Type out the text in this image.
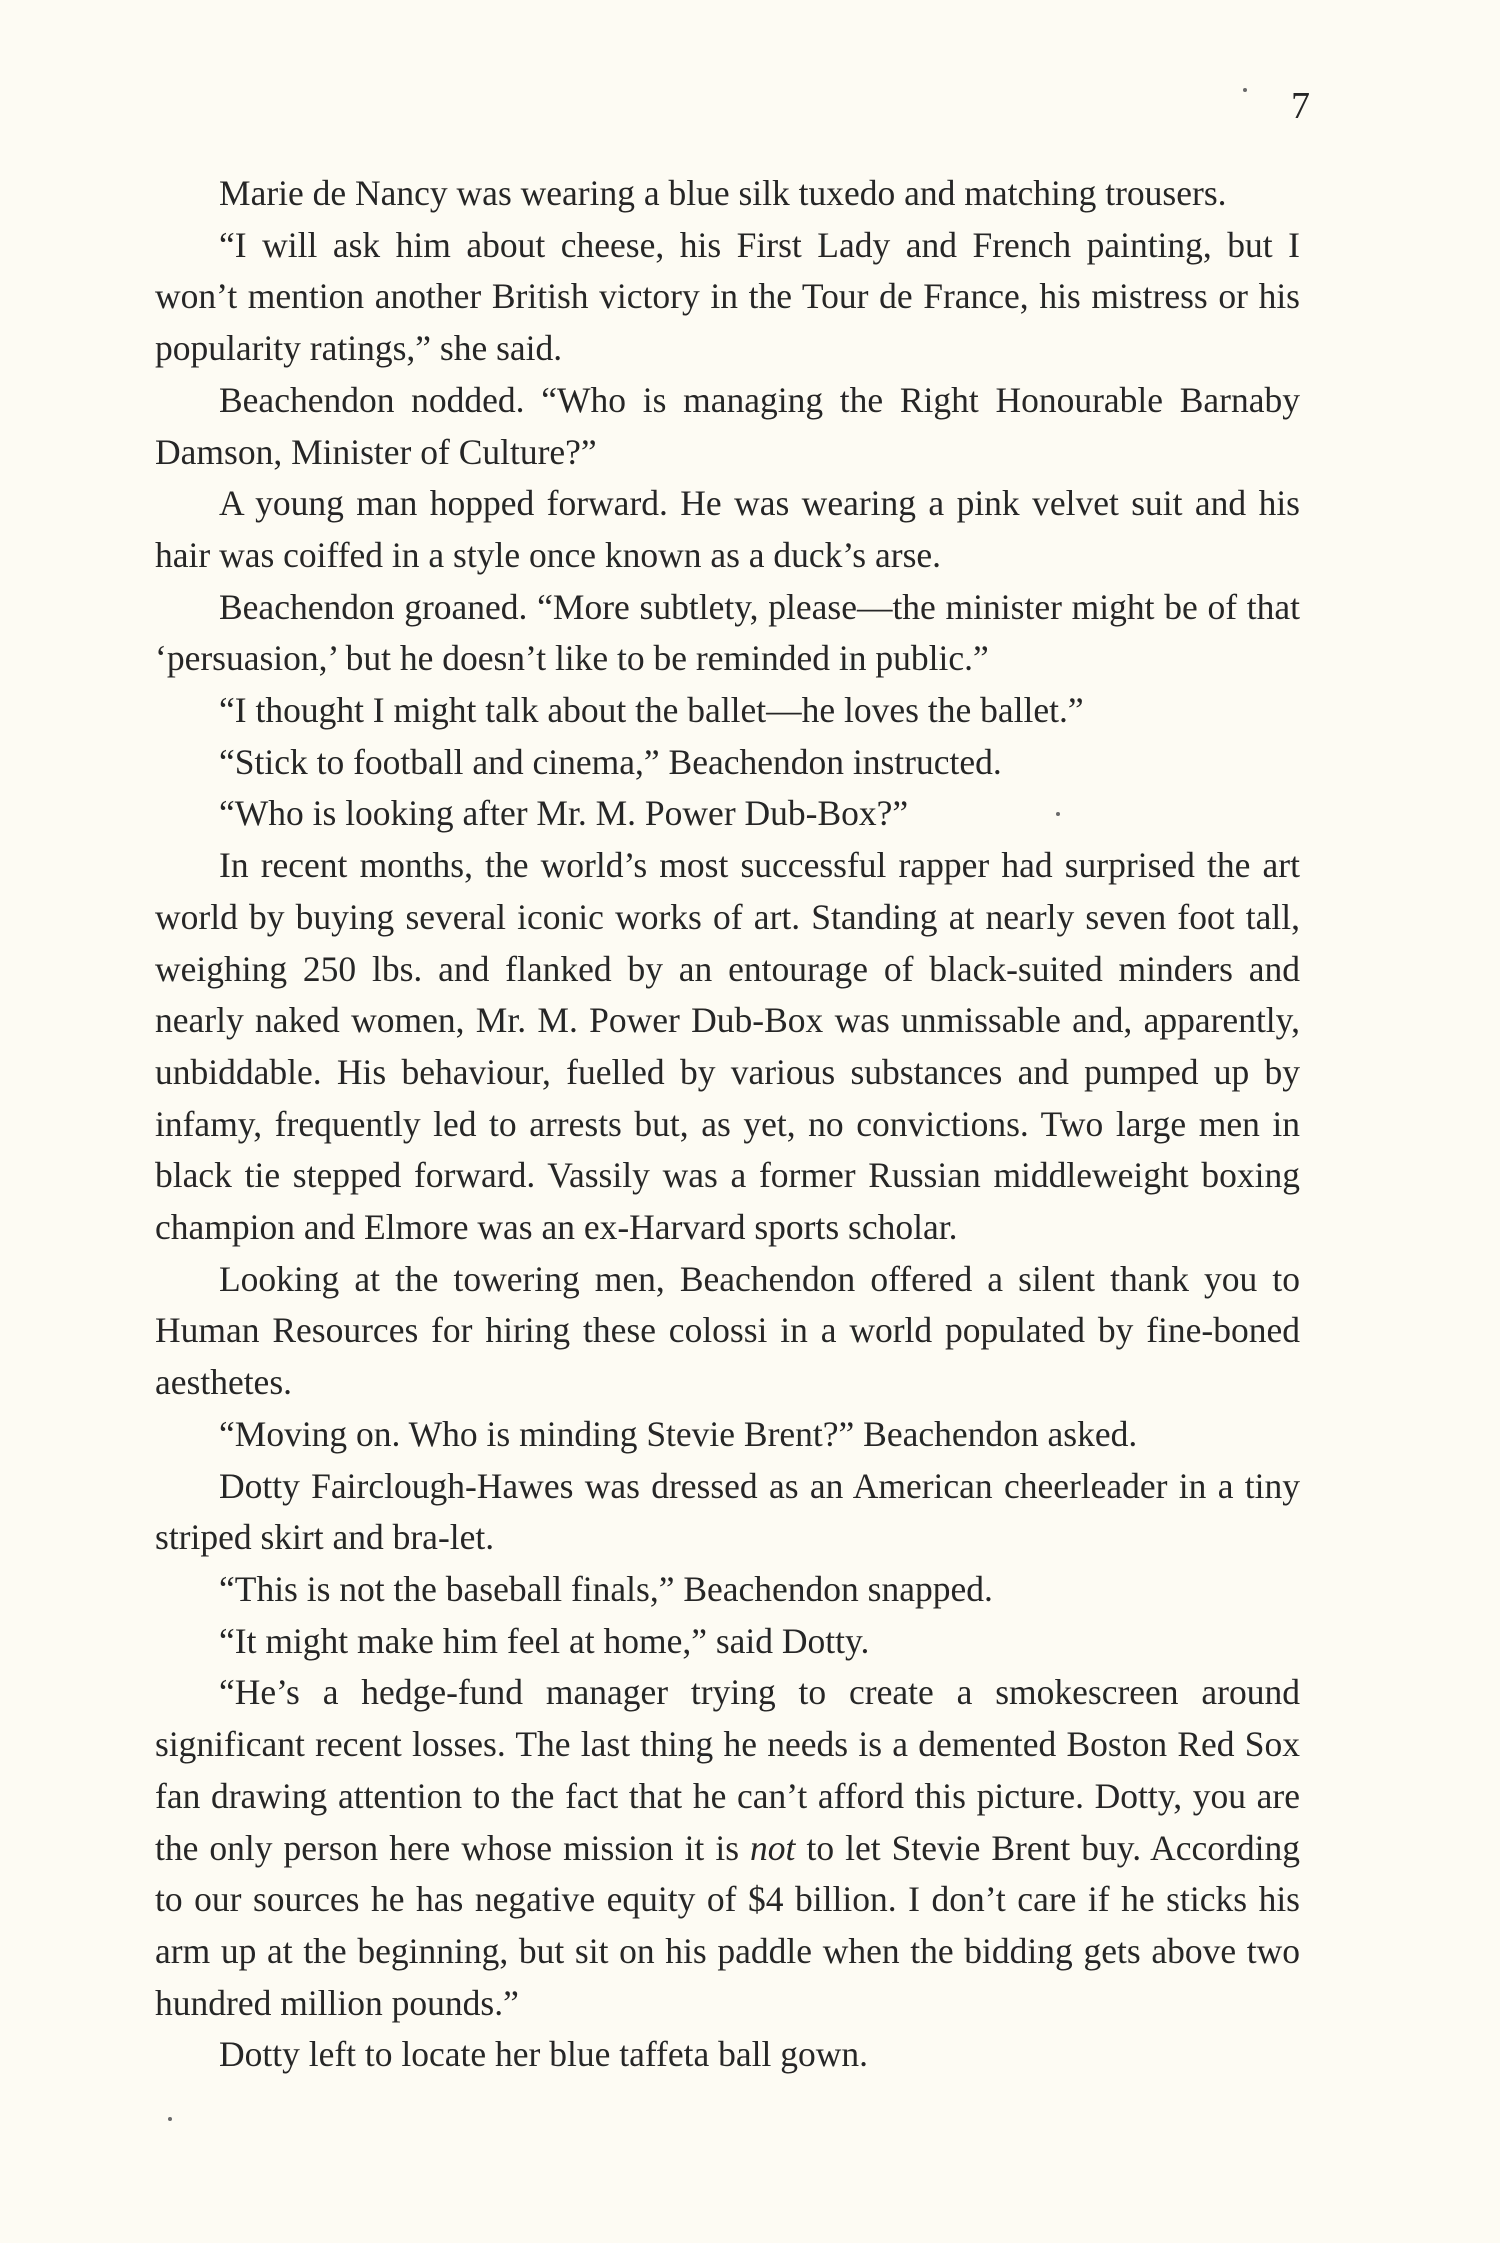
7

Marie de Nancy was wearing a blue silk tuxedo and matching trousers.

“I will ask him about cheese, his First Lady and French painting, but I won’t mention another British victory in the Tour de France, his mistress or his popularity ratings,” she said.

Beachendon nodded. “Who is managing the Right Honourable Barnaby Damson, Minister of Culture?”

A young man hopped forward. He was wearing a pink velvet suit and his hair was coiffed in a style once known as a duck’s arse.

Beachendon groaned. “More subtlety, please—the minister might be of that ‘persuasion,’ but he doesn’t like to be reminded in public.”

“I thought I might talk about the ballet—he loves the ballet.”

“Stick to football and cinema,” Beachendon instructed.

“Who is looking after Mr. M. Power Dub-Box?”

In recent months, the world’s most successful rapper had surprised the art world by buying several iconic works of art. Standing at nearly seven foot tall, weighing 250 lbs. and flanked by an entourage of black-suited minders and nearly naked women, Mr. M. Power Dub-Box was unmissable and, apparently, unbiddable. His behaviour, fuelled by various substances and pumped up by infamy, frequently led to arrests but, as yet, no convictions. Two large men in black tie stepped forward. Vassily was a former Russian middleweight boxing champion and Elmore was an ex-Harvard sports scholar.

Looking at the towering men, Beachendon offered a silent thank you to Human Resources for hiring these colossi in a world populated by fine-boned aesthetes.

“Moving on. Who is minding Stevie Brent?” Beachendon asked.

Dotty Fairclough-Hawes was dressed as an American cheerleader in a tiny striped skirt and bra-let.

“This is not the baseball finals,” Beachendon snapped.

“It might make him feel at home,” said Dotty.

“He’s a hedge-fund manager trying to create a smokescreen around significant recent losses. The last thing he needs is a demented Boston Red Sox fan drawing attention to the fact that he can’t afford this picture. Dotty, you are the only person here whose mission it is not to let Stevie Brent buy. According to our sources he has negative equity of $4 billion. I don’t care if he sticks his arm up at the beginning, but sit on his paddle when the bidding gets above two hundred million pounds.”

Dotty left to locate her blue taffeta ball gown.
